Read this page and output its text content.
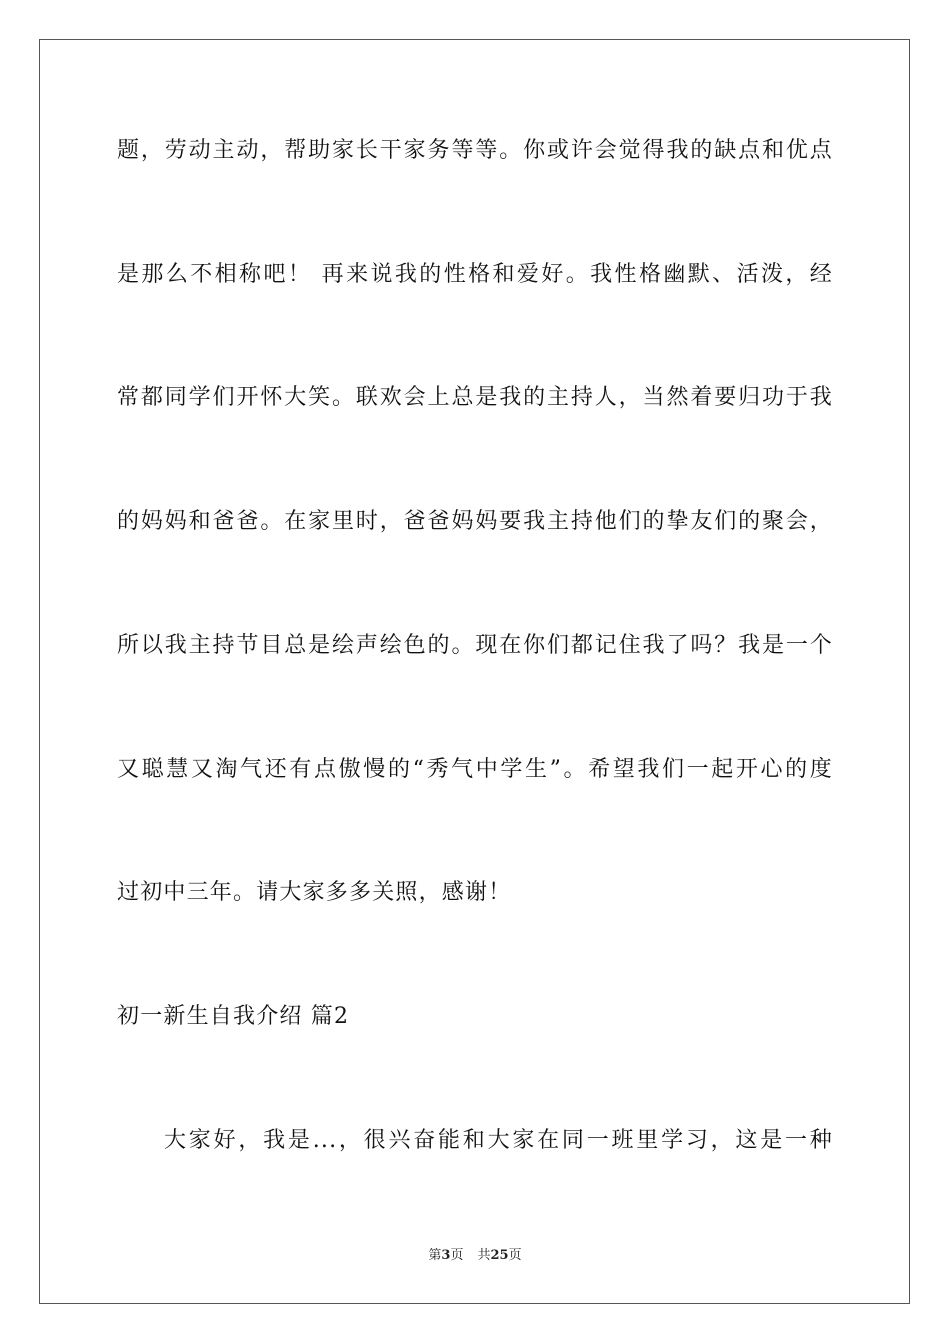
题，劳动主动，帮助家长干家务等等。你或许会觉得我的缺点和优点
是那么不相称吧！ 再来说我的性格和爱好。我性格幽默、活泼，经
常都同学们开怀大笑。联欢会上总是我的主持人，当然着要归功于我
的妈妈和爸爸。在家里时，爸爸妈妈要我主持他们的挚友们的聚会，
所以我主持节目总是绘声绘色的。现在你们都记住我了吗？我是一个
又聪慧又淘气还有点傲慢的“秀气中学生”。希望我们一起开心的度
过初中三年。请大家多多关照，感谢！
初一新生自我介绍 篇2
大家好，我是...，很兴奋能和大家在同一班里学习，这是一种
第3页 共25页
